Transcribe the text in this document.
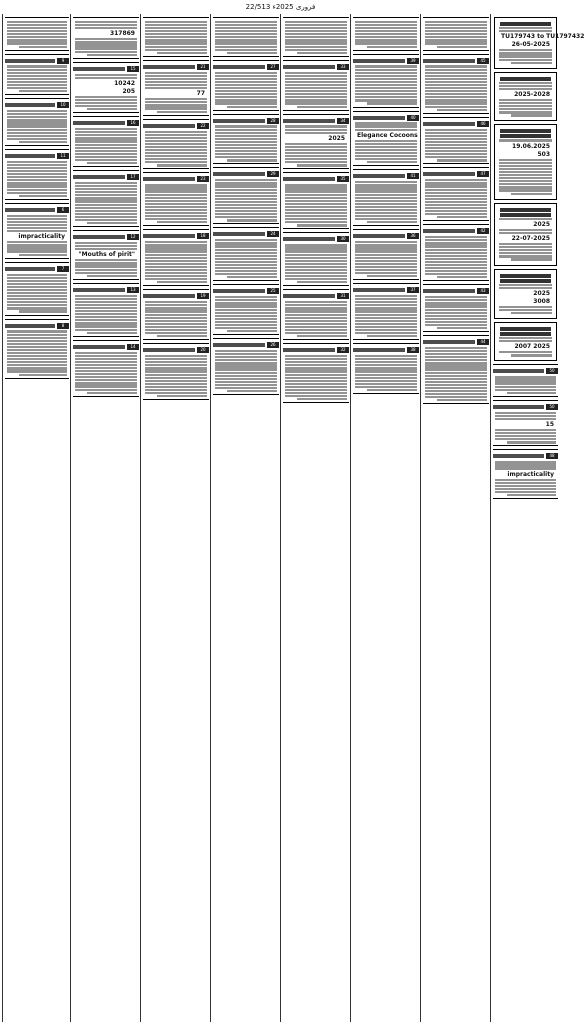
22/513 فروری 2025ء
TU179743 to TU1797432
26-05-2025
2025-2028
19.06.2025
503
2025
22-07-2025
2025
3008
2007 2025
50
50
15
48
impracticality
45
46
47
42
43
44
39
40
Elegance Cocoons
41
36
37
38
33
34
2025
35
30
31
32
27
28
29
24
25
26
21
77
22
23
18
19
20
317869
15
10242
205
16
17
12
"Mouths of pirit"
13
14
9
10
11
6
impracticality
7
8
